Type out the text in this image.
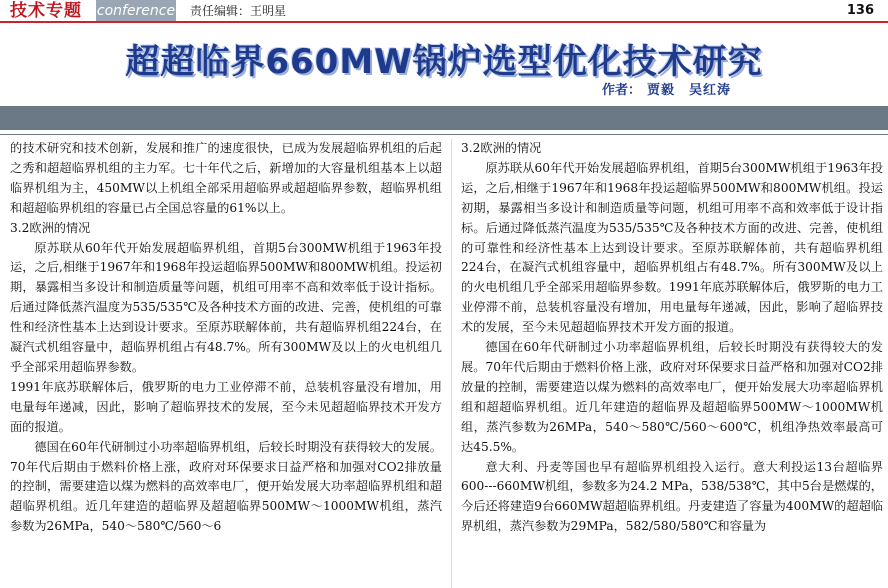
技术专题 conference 责任编辑：王明星	136
超超临界660MW锅炉选型优化技术研究
作者： 贾毅　吴红涛

的技术研究和技术创新，发展和推广的速度很快，已成为发展超临界机组的后起之秀和超超临界机组的主力军。七十年代之后，新增加的大容量机组基本上以超临界机组为主，450MW以上机组全部采用超临界或超超临界参数，超临界机组和超超临界机组的容量已占全国总容量的61%以上。

3.2欧洲的情况

原苏联从60年代开始发展超临界机组，首期5台300MW机组于1963年投运，之后,相继于1967年和1968年投运超临界500MW和800MW机组。投运初期，暴露相当多设计和制造质量等问题，机组可用率不高和效率低于设计指标。后通过降低蒸汽温度为535/535℃及各种技术方面的改进、完善，使机组的可靠性和经济性基本上达到设计要求。至原苏联解体前，共有超临界机组224台，在凝汽式机组容量中，超临界机组占有48.7%。所有300MW及以上的火电机组几乎全部采用超临界参数。

1991年底苏联解体后，俄罗斯的电力工业停滞不前，总装机容量没有增加，用电量每年递减，因此，影响了超临界技术的发展，至今未见超超临界技术开发方面的报道。

德国在60年代研制过小功率超临界机组，后较长时期没有获得较大的发展。70年代后期由于燃料价格上涨，政府对环保要求日益严格和加强对CO2排放量的控制，需要建造以煤为燃料的高效率电厂，便开始发展大功率超临界机组和超超临界机组。近几年建造的超临界及超超临界500MW～1000MW机组，蒸汽参数为26MPa，540～580℃/560～6

3.2欧洲的情况

原苏联从60年代开始发展超临界机组，首期5台300MW机组于1963年投运，之后,相继于1967年和1968年投运超临界500MW和800MW机组。投运初期，暴露相当多设计和制造质量等问题，机组可用率不高和效率低于设计指标。后通过降低蒸汽温度为535/535℃及各种技术方面的改进、完善，使机组的可靠性和经济性基本上达到设计要求。至原苏联解体前，共有超临界机组224台，在凝汽式机组容量中，超临界机组占有48.7%。所有300MW及以上的火电机组几乎全部采用超临界参数。1991年底苏联解体后，俄罗斯的电力工业停滞不前，总装机容量没有增加，用电量每年递减，因此，影响了超临界技术的发展，至今未见超超临界技术开发方面的报道。

德国在60年代研制过小功率超临界机组，后较长时期没有获得较大的发展。70年代后期由于燃料价格上涨，政府对环保要求日益严格和加强对CO2排放量的控制，需要建造以煤为燃料的高效率电厂，便开始发展大功率超临界机组和超超临界机组。近几年建造的超临界及超超临界500MW～1000MW机组，蒸汽参数为26MPa，540～580℃/560～600℃，机组净热效率最高可达45.5%。

意大利、丹麦等国也早有超临界机组投入运行。意大利投运13台超临界600---660MW机组，参数多为24.2 MPa，538/538℃，其中5台是燃煤的，今后还将建造9台660MW超超临界机组。丹麦建造了容量为400MW的超超临界机组，蒸汽参数为29MPa，582/580/580℃和容量为
